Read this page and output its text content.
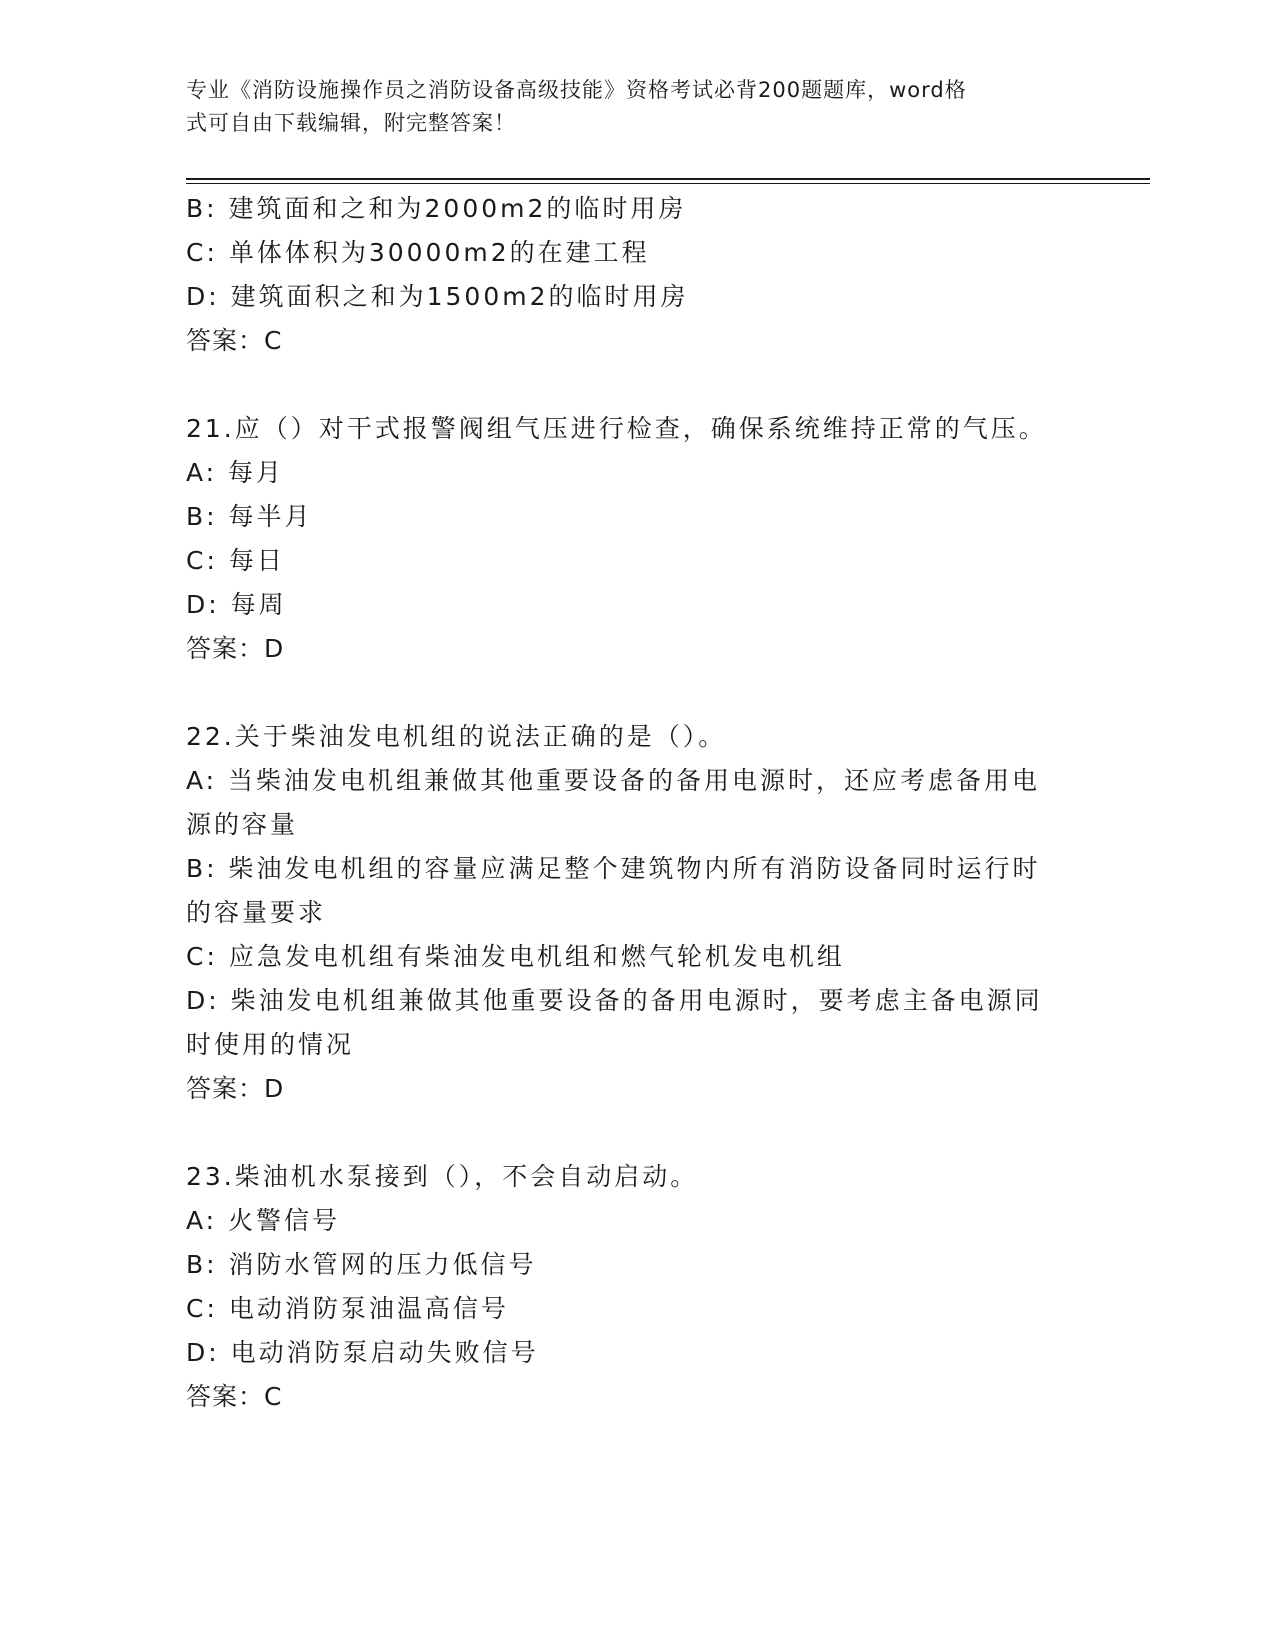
专业《消防设施操作员之消防设备高级技能》资格考试必背200题题库，word格
式可自由下载编辑，附完整答案！
B: 建筑面和之和为2000m2的临时用房
C: 单体体积为30000m2的在建工程
D: 建筑面积之和为1500m2的临时用房
答案：C
21.应（）对干式报警阀组气压进行检查，确保系统维持正常的气压。
A: 每月
B: 每半月
C: 每日
D: 每周
答案：D
22.关于柴油发电机组的说法正确的是（）。
A: 当柴油发电机组兼做其他重要设备的备用电源时，还应考虑备用电
源的容量
B: 柴油发电机组的容量应满足整个建筑物内所有消防设备同时运行时
的容量要求
C: 应急发电机组有柴油发电机组和燃气轮机发电机组
D: 柴油发电机组兼做其他重要设备的备用电源时，要考虑主备电源同
时使用的情况
答案：D
23.柴油机水泵接到（），不会自动启动。
A: 火警信号
B: 消防水管网的压力低信号
C: 电动消防泵油温高信号
D: 电动消防泵启动失败信号
答案：C
